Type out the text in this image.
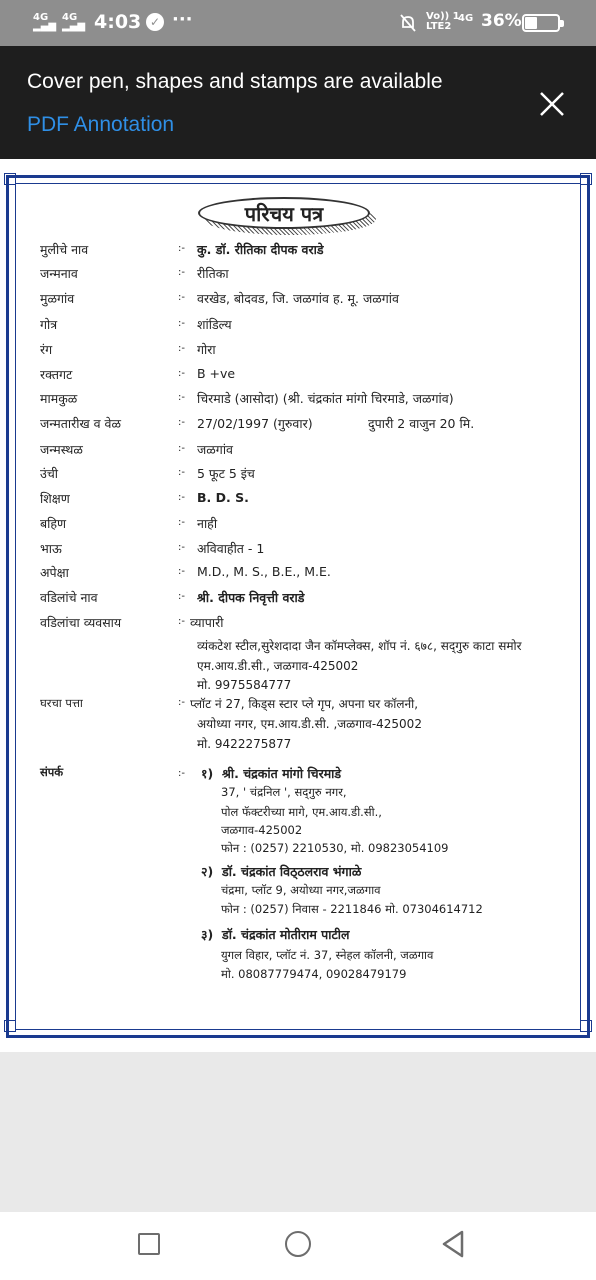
4G
▂▄▆
4G
▂▄▆ 4:03 ✓ ···	Vo)) 1
LTE2
4G 36%
Cover pen, shapes and stamps are available
PDF Annotation
परिचय पत्र
मुलीचे नाव	:- कु. डॉ. रीतिका दीपक वराडे
जन्मनाव	:- रीतिका
मुळगांव	:- वरखेड, बोदवड, जि. जळगांव ह. मू. जळगांव
गोत्र	:- शांडिल्य
रंग	:- गोरा
रक्तगट	:- B +ve
मामकुळ	:- चिरमाडे (आसोदा) (श्री. चंद्रकांत मांगो चिरमाडे, जळगांव)
जन्मतारीख व वेळ	:- 27/02/1997 (गुरुवार)	दुपारी 2 वाजुन 20 मि.
जन्मस्थळ	:- जळगांव
उंची	:- 5 फूट 5 इंच
शिक्षण	:- B. D. S.
बहिण	:- नाही
भाऊ	:- अविवाहीत - 1
अपेक्षा	:- M.D., M. S., B.E., M.E.
वडिलांचे नाव	:- श्री. दीपक निवृत्ती वराडे
वडिलांचा व्यवसाय	:- व्यापारी
व्यंकटेश स्टील,सुरेशदादा जैन कॉमप्लेक्स, शॉप नं. ६७८, सद्‌गुरु काटा समोर
एम.आय.डी.सी., जळगाव-425002
मो. 9975584777
घरचा पत्ता	:- प्लॉट नं 27, किड्स स्टार प्ले गृप, अपना घर कॉलनी,
अयोध्या नगर, एम.आय.डी.सी. ,जळगाव-425002
मो. 9422275877
संपर्क	:- १) श्री. चंद्रकांत मांगो चिरमाडे
37, ' चंद्रनिल ', सद्‌गुरु नगर,
पोल फॅक्टरीच्या मागे, एम.आय.डी.सी.,
जळगाव-425002
फोन : (0257) 2210530, मो. 09823054109
२) डॉ. चंद्रकांत विठ्‌ठलराव भंगाळे
चंद्रमा, प्लॉट 9, अयोध्या नगर,जळगाव
फोन : (0257) निवास - 2211846 मो. 07304614712
३) डॉ. चंद्रकांत मोतीराम पाटील
युगल विहार, प्लॉट नं. 37, स्नेहल कॉलनी, जळगाव
मो. 08087779474, 09028479179
